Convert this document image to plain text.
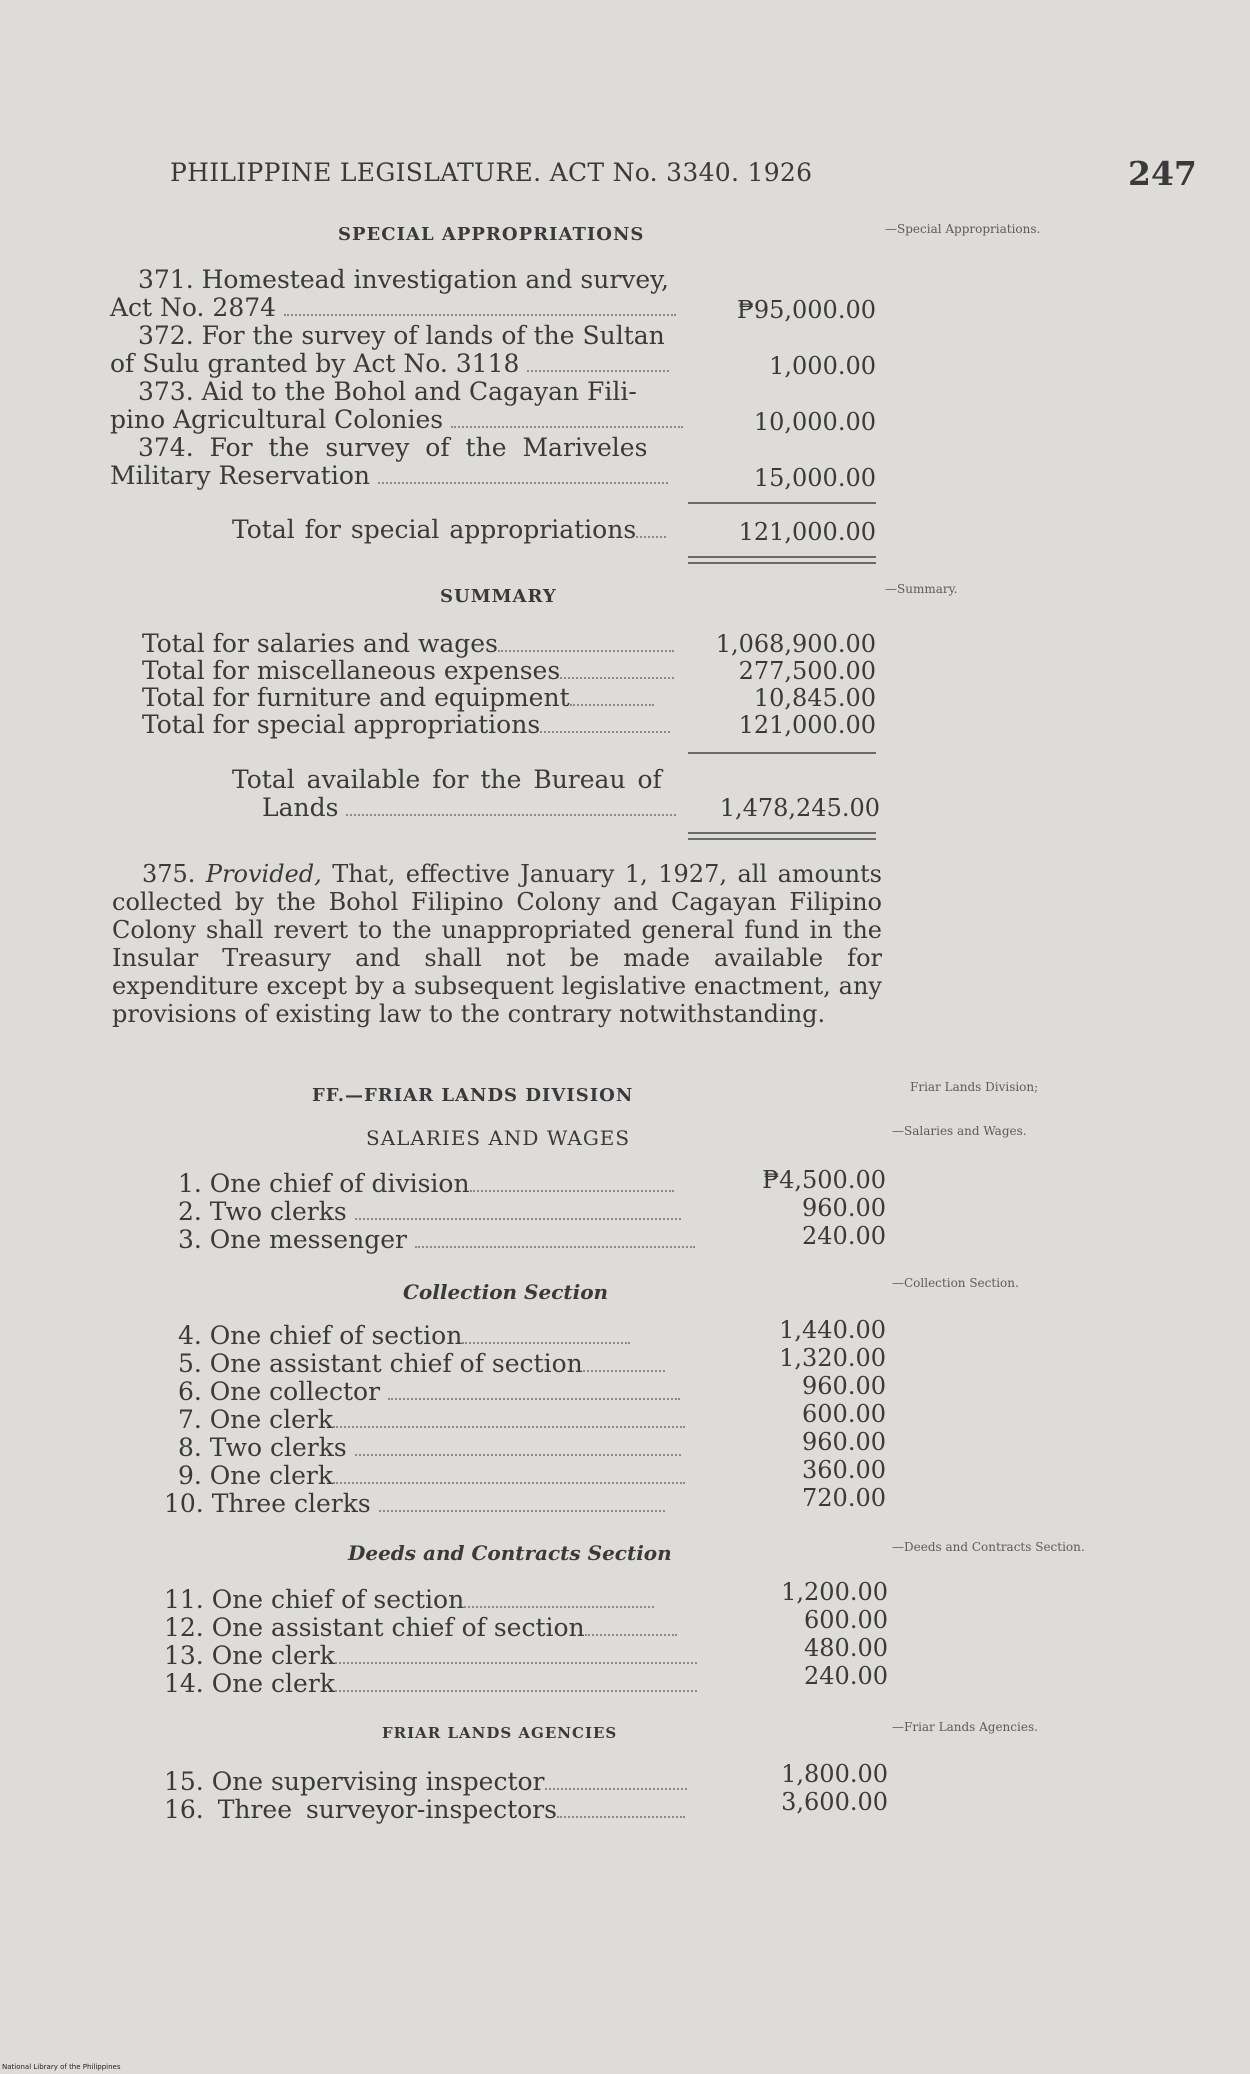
PHILIPPINE LEGISLATURE. ACT No. 3340. 1926	247
SPECIAL APPROPRIATIONS	—Special Appropriations.
371. Homestead investigation and survey,
Act No. 2874	₱95,000.00
372. For the survey of lands of the Sultan
of Sulu granted by Act No. 3118	1,000.00
373. Aid to the Bohol and Cagayan Fili-
pino Agricultural Colonies	10,000.00
374. For the survey of the Mariveles
Military Reservation	15,000.00
Total for special appropriations	121,000.00
SUMMARY	—Summary.
Total for salaries and wages	1,068,900.00
Total for miscellaneous expenses	277,500.00
Total for furniture and equipment	10,845.00
Total for special appropriations	121,000.00
Total available for the Bureau of
Lands	1,478,245.00
375. Provided, That, effective January 1, 1927, all amounts collected by the Bohol Filipino Colony and Cagayan Filipino Colony shall revert to the unappropriated general fund in the Insular Treasury and shall not be made available for expenditure except by a subsequent legislative enactment, any provisions of existing law to the contrary notwithstanding.
FF.—FRIAR LANDS DIVISION	Friar Lands Division;
SALARIES AND WAGES	—Salaries and Wages.
1. One chief of division	₱4,500.00
2. Two clerks	960.00
3. One messenger	240.00
Collection Section	—Collection Section.
4. One chief of section	1,440.00
5. One assistant chief of section	1,320.00
6. One collector	960.00
7. One clerk	600.00
8. Two clerks	960.00
9. One clerk	360.00
10. Three clerks	720.00
Deeds and Contracts Section	—Deeds and Contracts Section.
11. One chief of section	1,200.00
12. One assistant chief of section	600.00
13. One clerk	480.00
14. One clerk	240.00
FRIAR LANDS AGENCIES	—Friar Lands Agencies.
15. One supervising inspector	1,800.00
16. Three surveyor-inspectors	3,600.00
National Library of the Philippines
